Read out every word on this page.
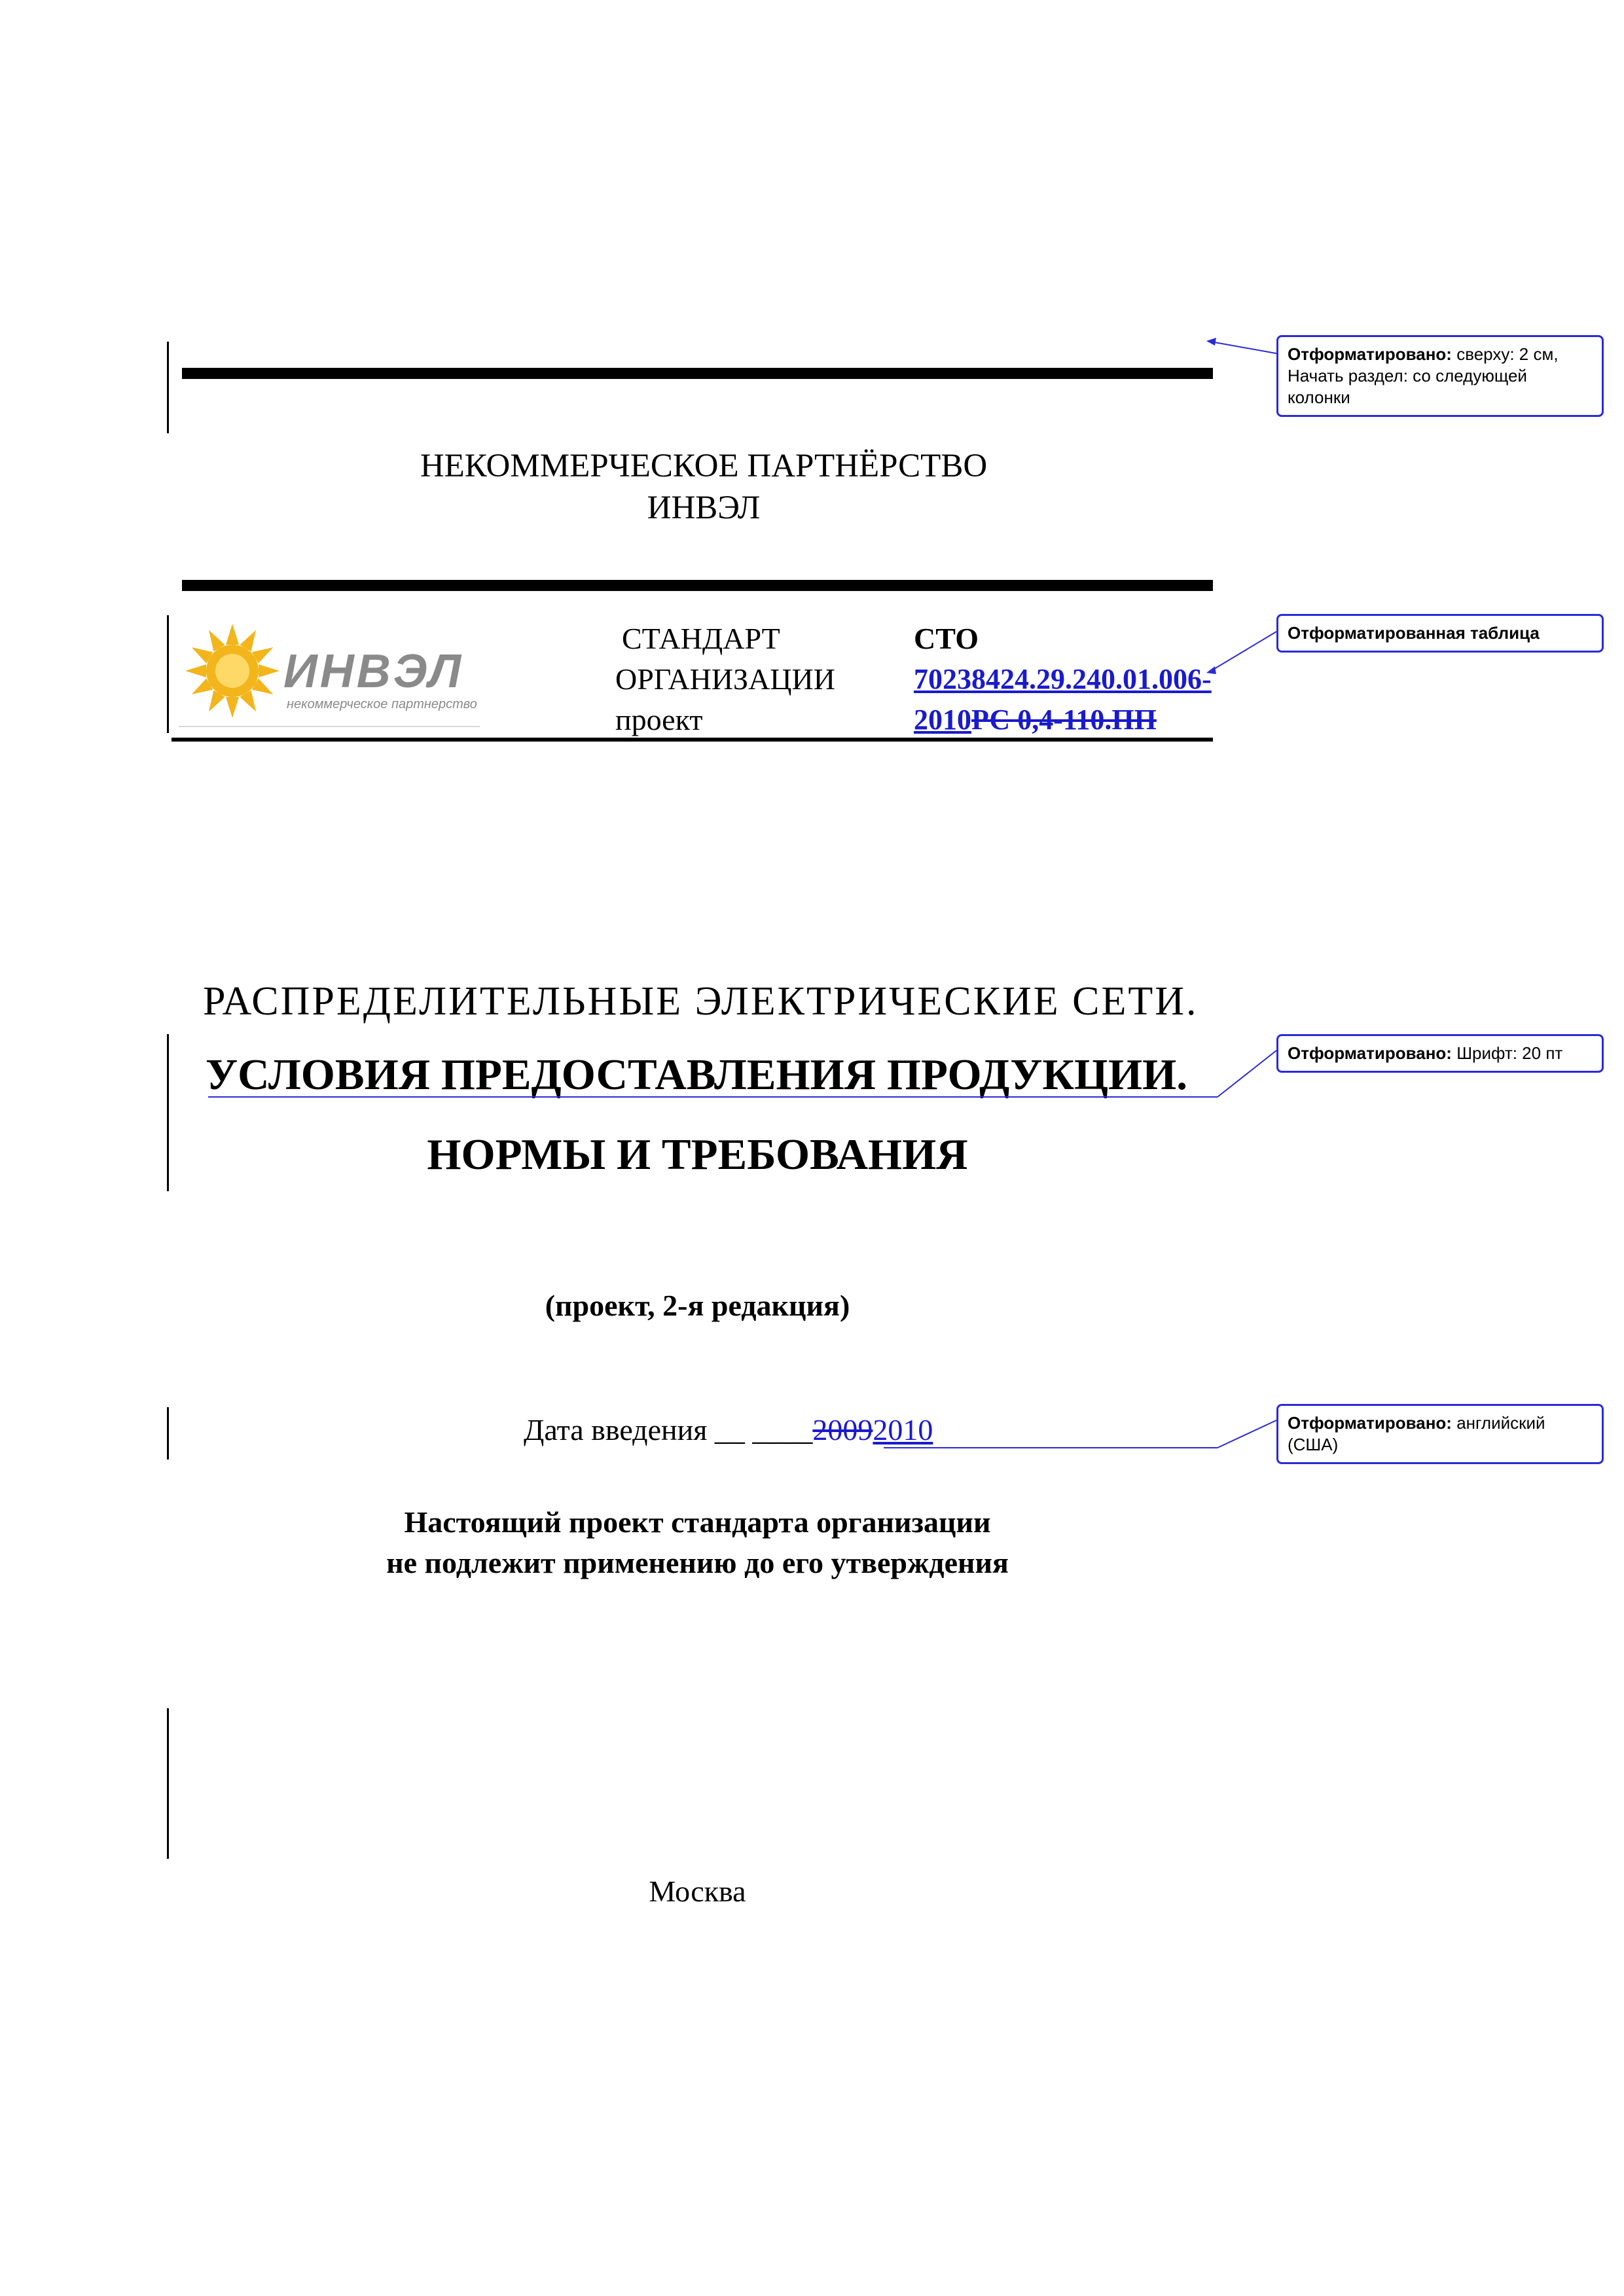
НЕКОММЕРЧЕСКОЕ ПАРТНЁРСТВО
ИНВЭЛ
ИНВЭЛ
некоммерческое партнерство
СТАНДАРТ
ОРГАНИЗАЦИИ
проект
СТО
70238424.29.240.01.006-
2010РС 0,4-110.ПП
РАСПРЕДЕЛИТЕЛЬНЫЕ ЭЛЕКТРИЧЕСКИЕ СЕТИ.
УСЛОВИЯ ПРЕДОСТАВЛЕНИЯ ПРОДУКЦИИ.
НОРМЫ И ТРЕБОВАНИЯ
(проект, 2-я редакция)
Дата введения __ ____20092010
Настоящий проект стандарта организации
не подлежит применению до его утверждения
Москва
Отформатировано: сверху: 2 см, Начать раздел: со следующей колонки
Отформатированная таблица
Отформатировано: Шрифт: 20 пт
Отформатировано: английский (США)
